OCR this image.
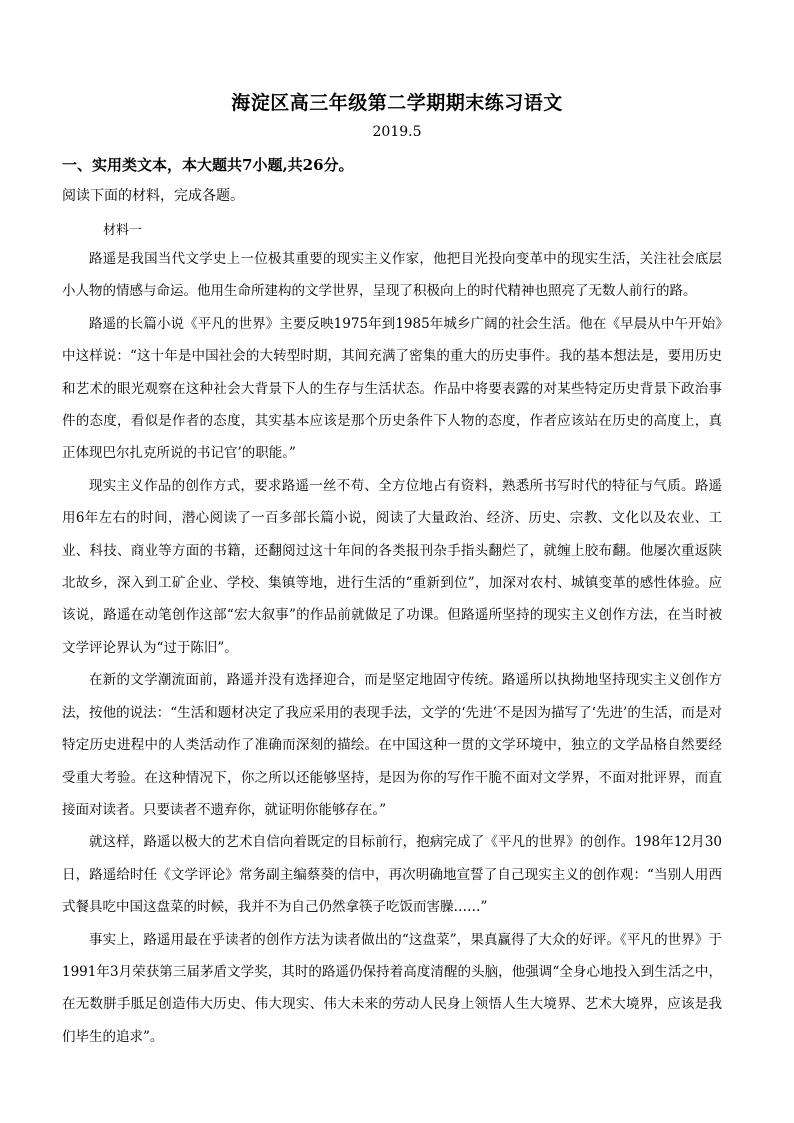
海淀区高三年级第二学期期末练习语文
2019.5
一、实用类文本，本大题共7小题,共26分。
阅读下面的材料，完成各题。
材料一

路遥是我国当代文学史上一位极其重要的现实主义作家，他把目光投向变革中的现实生活，关注社会底层小人物的情感与命运。他用生命所建构的文学世界，呈现了积极向上的时代精神也照亮了无数人前行的路。

路遥的长篇小说《平凡的世界》主要反映1975年到1985年城乡广阔的社会生活。他在《早晨从中午开始》中这样说：“这十年是中国社会的大转型时期，其间充满了密集的重大的历史事件。我的基本想法是，要用历史和艺术的眼光观察在这种社会大背景下人的生存与生活状态。作品中将要表露的对某些特定历史背景下政治事件的态度，看似是作者的态度，其实基本应该是那个历史条件下人物的态度，作者应该站在历史的高度上，真正体现巴尔扎克所说的书记官’的职能。”

现实主义作品的创作方式，要求路遥一丝不苟、全方位地占有资料，熟悉所书写时代的特征与气质。路遥用6年左右的时间，潜心阅读了一百多部长篇小说，阅读了大量政治、经济、历史、宗教、文化以及农业、工业、科技、商业等方面的书籍，还翻阅过这十年间的各类报刊杂手指头翻烂了，就缠上胶布翻。他屡次重返陕北故乡，深入到工矿企业、学校、集镇等地，进行生活的“重新到位”，加深对农村、城镇变革的感性体验。应该说，路遥在动笔创作这部“宏大叙事”的作品前就做足了功课。但路遥所坚持的现实主义创作方法，在当时被文学评论界认为“过于陈旧”。

在新的文学潮流面前，路遥并没有选择迎合，而是坚定地固守传统。路遥所以执拗地坚持现实主义创作方法，按他的说法：“生活和题材决定了我应采用的表现手法，文学的‘先进’不是因为描写了‘先进’的生活，而是对特定历史进程中的人类活动作了准确而深刻的描绘。在中国这种一贯的文学环境中，独立的文学品格自然要经受重大考验。在这种情况下，你之所以还能够坚持，是因为你的写作干脆不面对文学界，不面对批评界，而直接面对读者。只要读者不遗弃你，就证明你能够存在。”

就这样，路遥以极大的艺术自信向着既定的目标前行，抱病完成了《平凡的世界》的创作。198年12月30日，路遥给时任《文学评论》常务副主编蔡葵的信中，再次明确地宣誓了自己现实主义的创作观：“当别人用西式餐具吃中国这盘菜的时候，我并不为自己仍然拿筷子吃饭而害臊……”

事实上，路遥用最在乎读者的创作方法为读者做出的“这盘菜”，果真赢得了大众的好评。《平凡的世界》于1991年3月荣获第三届茅盾文学奖，其时的路遥仍保持着高度清醒的头脑，他强调“全身心地投入到生活之中，在无数胼手胝足创造伟大历史、伟大现实、伟大未来的劳动人民身上领悟人生大境界、艺术大境界，应该是我们毕生的追求”。
